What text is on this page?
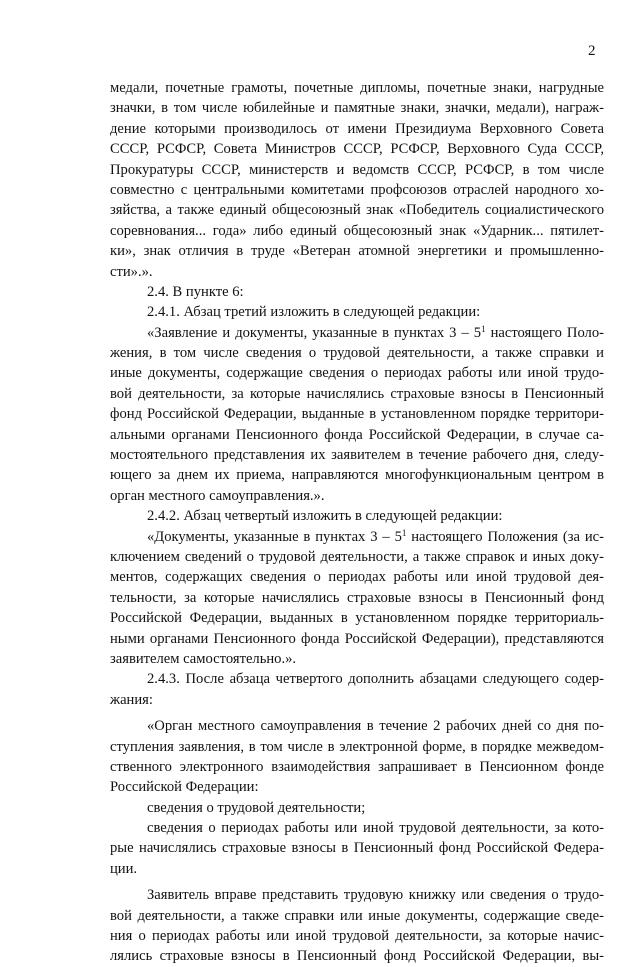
2
медали, почетные грамоты, почетные дипломы, почетные знаки, нагрудные
значки, в том числе юбилейные и памятные знаки, значки, медали), награж-
дение которыми производилось от имени Президиума Верховного Совета
СССР, РСФСР, Совета Министров СССР, РСФСР, Верховного Суда СССР,
Прокуратуры СССР, министерств и ведомств СССР, РСФСР, в том числе
совместно с центральными комитетами профсоюзов отраслей народного хо-
зяйства, а также единый общесоюзный знак «Победитель социалистического
соревнования... года» либо единый общесоюзный знак «Ударник... пятилет-
ки», знак отличия в труде «Ветеран атомной энергетики и промышленно-
сти».».
2.4. В пункте 6:
2.4.1. Абзац третий изложить в следующей редакции:
«Заявление и документы, указанные в пунктах $3 - 5^1$ настоящего Поло-
жения, в том числе сведения о трудовой деятельности, а также справки и
иные документы, содержащие сведения о периодах работы или иной трудо-
вой деятельности, за которые начислялись страховые взносы в Пенсионный
фонд Российской Федерации, выданные в установленном порядке территори-
альными органами Пенсионного фонда Российской Федерации, в случае са-
мостоятельного представления их заявителем в течение рабочего дня, следу-
ющего за днем их приема, направляются многофункциональным центром в
орган местного самоуправления.».
2.4.2. Абзац четвертый изложить в следующей редакции:
«Документы, указанные в пунктах $3 - 5^1$ настоящего Положения (за ис-
ключением сведений о трудовой деятельности, а также справок и иных доку-
ментов, содержащих сведения о периодах работы или иной трудовой дея-
тельности, за которые начислялись страховые взносы в Пенсионный фонд
Российской Федерации, выданных в установленном порядке территориаль-
ными органами Пенсионного фонда Российской Федерации), представляются
заявителем самостоятельно.».
2.4.3. После абзаца четвертого дополнить абзацами следующего содер-
жания:
«Орган местного самоуправления в течение 2 рабочих дней со дня по-
ступления заявления, в том числе в электронной форме, в порядке межведом-
ственного электронного взаимодействия запрашивает в Пенсионном фонде
Российской Федерации:
сведения о трудовой деятельности;
сведения о периодах работы или иной трудовой деятельности, за кото-
рые начислялись страховые взносы в Пенсионный фонд Российской Федера-
ции.
Заявитель вправе представить трудовую книжку или сведения о трудо-
вой деятельности, а также справки или иные документы, содержащие сведе-
ния о периодах работы или иной трудовой деятельности, за которые начис-
лялись страховые взносы в Пенсионный фонд Российской Федерации, вы-
